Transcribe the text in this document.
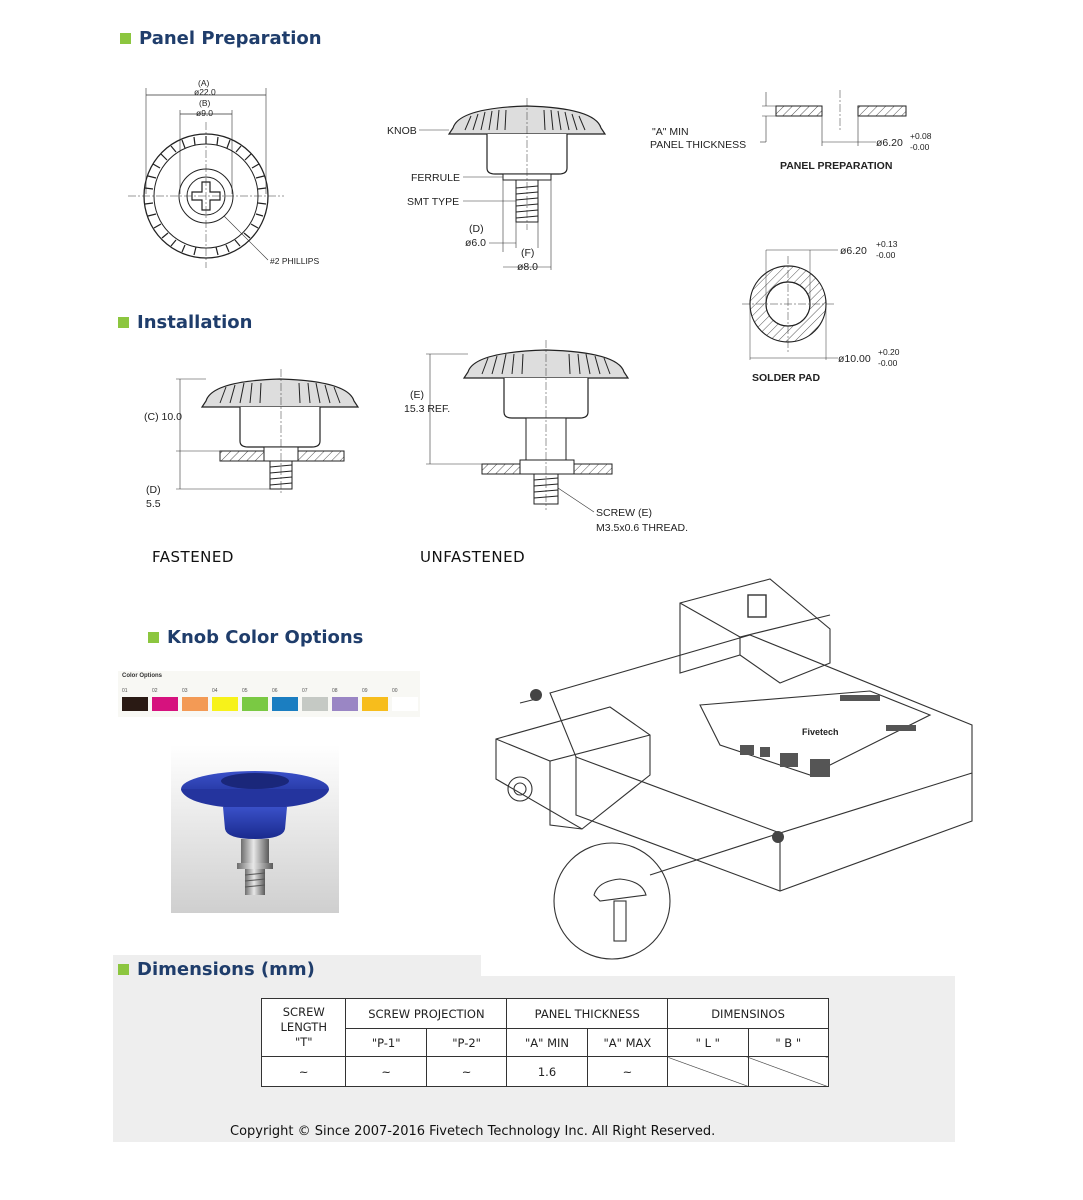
Panel Preparation
Installation
Knob Color Options
(A)
ø22.0
(B)
ø9.0
#2 PHILLIPS
KNOB
FERRULE
SMT TYPE
(D)
ø6.0
(F)
ø8.0
"A" MIN
PANEL THICKNESS	ø6.20
+0.08
-0.00
PANEL PREPARATION
ø6.20
+0.13
-0.00
ø10.00
+0.20
-0.00
SOLDER PAD
(C) 10.0
(D)
5.5
FASTENED
(E)
15.3 REF.
SCREW (E)
M3.5x0.6 THREAD.
UNFASTENED
Color Options
01	02	03	04	05	06	07	08	09	00
Fivetech
Dimensions (mm)
SCREW
LENGTH
"T"	SCREW PROJECTION		PANEL THICKNESS		DIMENSINOS	
	"P-1"	"P-2"	"A" MIN	"A" MAX	" L "	" B "
~	~	~	1.6	~		
Copyright © Since 2007-2016 Fivetech Technology Inc. All Right Reserved.
